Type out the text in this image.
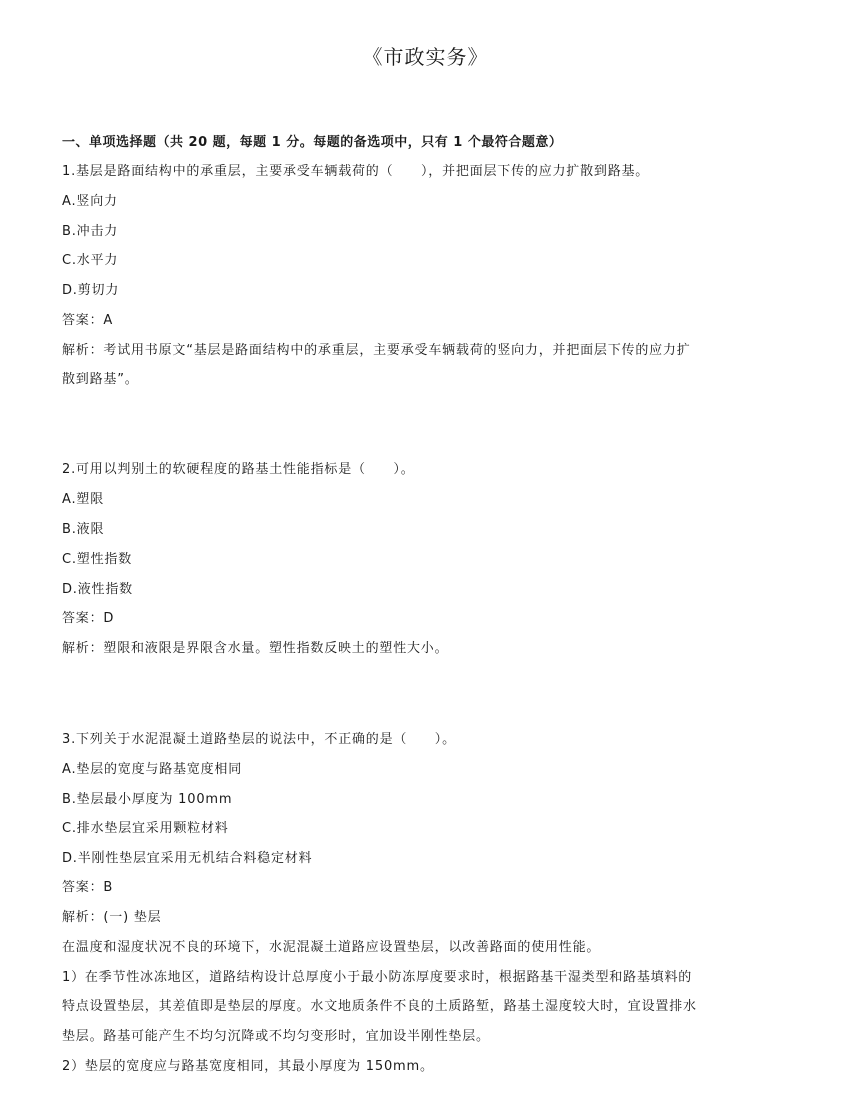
《市政实务》
一、单项选择题（共 20 题，每题 1 分。每题的备选项中，只有 1 个最符合题意）
1.基层是路面结构中的承重层，主要承受车辆载荷的（　　），并把面层下传的应力扩散到路基。
A.竖向力
B.冲击力
C.水平力
D.剪切力
答案：A
解析：考试用书原文“基层是路面结构中的承重层，主要承受车辆载荷的竖向力，并把面层下传的应力扩
散到路基”。
2.可用以判别土的软硬程度的路基土性能指标是（　　）。
A.塑限
B.液限
C.塑性指数
D.液性指数
答案：D
解析：塑限和液限是界限含水量。塑性指数反映土的塑性大小。
3.下列关于水泥混凝土道路垫层的说法中，不正确的是（　　）。
A.垫层的宽度与路基宽度相同
B.垫层最小厚度为 100mm
C.排水垫层宜采用颗粒材料
D.半刚性垫层宜采用无机结合料稳定材料
答案：B
解析：(一) 垫层
在温度和湿度状况不良的环境下，水泥混凝土道路应设置垫层，以改善路面的使用性能。
1）在季节性冰冻地区，道路结构设计总厚度小于最小防冻厚度要求时，根据路基干湿类型和路基填料的
特点设置垫层，其差值即是垫层的厚度。水文地质条件不良的土质路堑，路基土湿度较大时，宜设置排水
垫层。路基可能产生不均匀沉降或不均匀变形时，宜加设半刚性垫层。
2）垫层的宽度应与路基宽度相同，其最小厚度为 150mm。
